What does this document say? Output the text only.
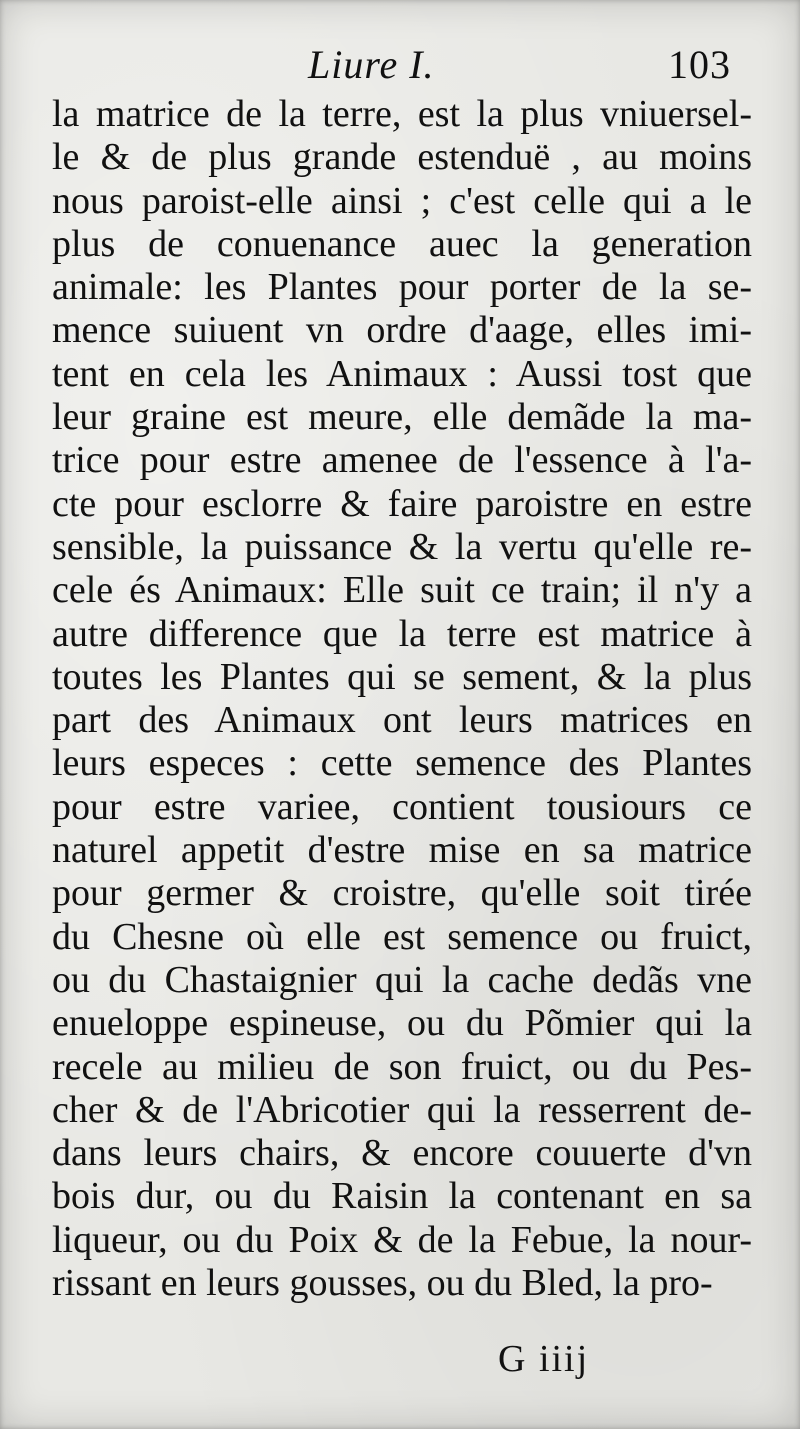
Liure I.	103
la matrice de la terre, est la plus vniuersel-
le & de plus grande estenduë , au moins
nous paroist-elle ainsi ; c'est celle qui a le
plus de conuenance auec la generation
animale: les Plantes pour porter de la se-
mence suiuent vn ordre d'aage, elles imi-
tent en cela les Animaux : Aussi tost que
leur graine est meure, elle demãde la ma-
trice pour estre amenee de l'essence à l'a-
cte pour esclorre & faire paroistre en estre
sensible, la puissance & la vertu qu'elle re-
cele és Animaux: Elle suit ce train; il n'y a
autre difference que la terre est matrice à
toutes les Plantes qui se sement, & la plus
part des Animaux ont leurs matrices en
leurs especes : cette semence des Plantes
pour estre variee, contient tousiours ce
naturel appetit d'estre mise en sa matrice
pour germer & croistre, qu'elle soit tirée
du Chesne où elle est semence ou fruict,
ou du Chastaignier qui la cache dedãs vne
enueloppe espineuse, ou du Põmier qui la
recele au milieu de son fruict, ou du Pes-
cher & de l'Abricotier qui la resserrent de-
dans leurs chairs, & encore couuerte d'vn
bois dur, ou du Raisin la contenant en sa
liqueur, ou du Poix & de la Febue, la nour-
rissant en leurs gousses, ou du Bled, la pro-
G iiij
